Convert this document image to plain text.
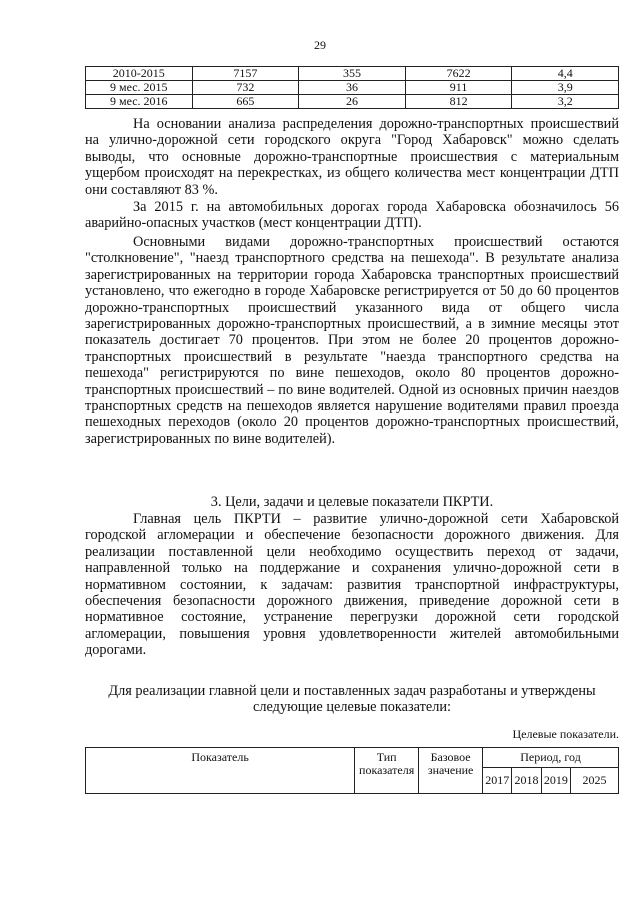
29
2010-2015	7157	355	7622	4,4
9 мес. 2015	732	36	911	3,9
9 мес. 2016	665	26	812	3,2

На основании анализа распределения дорожно-транспортных происшествий на улично-дорожной сети городского округа "Город Хабаровск" можно сделать выводы, что основные дорожно-транспортные происшествия с материальным ущербом происходят на перекрестках, из общего количества мест концентрации ДТП они составляют 83 %.

За 2015 г. на автомобильных дорогах города Хабаровска обозначилось 56 аварийно-опасных участков (мест концентрации ДТП).

Основными видами дорожно-транспортных происшествий остаются "столкновение", "наезд транспортного средства на пешехода". В результате анализа зарегистрированных на территории города Хабаровска транспортных происшествий установлено, что ежегодно в городе Хабаровске регистрируется от 50 до 60 процентов дорожно-транспортных происшествий указанного вида от общего числа зарегистрированных дорожно-транспортных происшествий, а в зимние месяцы этот показатель достигает 70 процентов. При этом не более 20 процентов дорожно-транспортных происшествий в результате "наезда транспортного средства на пешехода" регистрируются по вине пешеходов, около 80 процентов дорожно-транспортных происшествий – по вине водителей. Одной из основных причин наездов транспортных средств на пешеходов является нарушение водителями правил проезда пешеходных переходов (около 20 процентов дорожно-транспортных происшествий, зарегистрированных по вине водителей).

3. Цели, задачи и целевые показатели ПКРТИ.

Главная цель ПКРТИ – развитие улично-дорожной сети Хабаровской городской агломерации и обеспечение безопасности дорожного движения. Для реализации поставленной цели необходимо осуществить переход от задачи, направленной только на поддержание и сохранения улично-дорожной сети в нормативном состоянии, к задачам: развития транспортной инфраструктуры, обеспечения безопасности дорожного движения, приведение дорожной сети в нормативное состояние, устранение перегрузки дорожной сети городской агломерации, повышения уровня удовлетворенности жителей автомобильными дорогами.

Для реализации главной цели и поставленных задач разработаны и утверждены следующие целевые показатели:
Целевые показатели.
Показатель	Тип показателя	Базовое значение	Период, год			
			2017	2018	2019	2025
